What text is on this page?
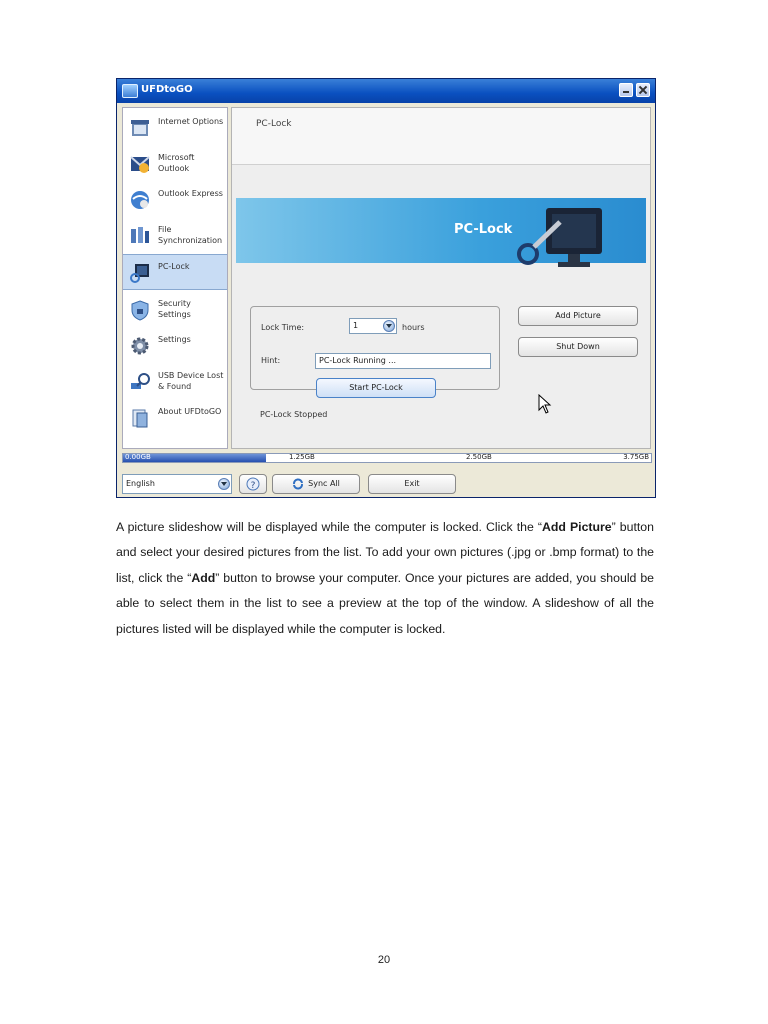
UFDtoGO
Internet Options
Microsoft Outlook
Outlook Express
File Synchronization
PC-Lock
Security Settings
Settings
USB Device Lost & Found
About UFDtoGO
PC-Lock
PC-Lock
Lock Time:	1	hours
Hint:	PC-Lock Running ...
Start PC-Lock
Add Picture
Shut Down
PC-Lock Stopped
0.00GB	1.25GB	2.50GB	3.75GB
English	?	Sync All	Exit

A picture slideshow will be displayed while the computer is locked. Click the “Add Picture” button and select your desired pictures from the list. To add your own pictures (.jpg or .bmp format) to the list, click the “Add” button to browse your computer. Once your pictures are added, you should be able to select them in the list to see a preview at the top of the window. A slideshow of all the pictures listed will be displayed while the computer is locked.

20
